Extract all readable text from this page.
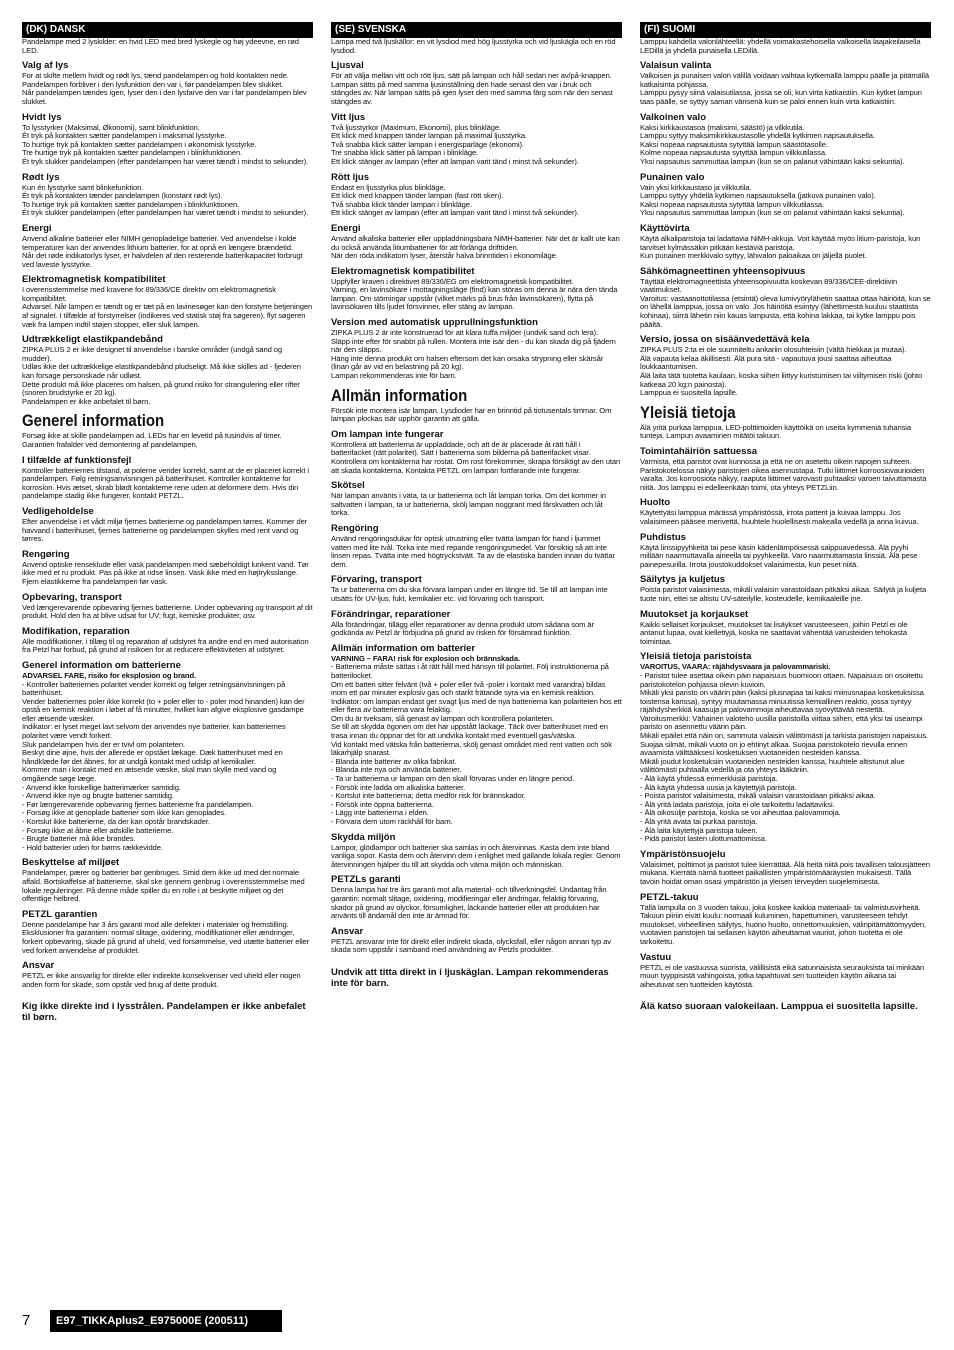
(DK) DANSK
Pandelampe med 2 lyskilder: en hvid LED med bred lyskegle og høj ydeevne, en rød LED.
Valg af lys
For at skifte mellem hvidt og rødt lys, tænd pandelampen og hold kontakten nede. Pandelampen forbliver i den lysfunktion den var i, før pandelampen blev slukket.
Når pandelampen tændes igen, lyser den i den lysfarve den var i før pandelampen blev slukket.
Hvidt lys
To lysstyrker (Maksimal, Økonomi), samt blinkfunktion.
Ét tryk på kontakten sætter pandelampen i maksimal lysstyrke.
To hurtige tryk på kontakten sætter pandelampen i økonomisk lysstyrke.
Tre hurtige tryk på kontakten sætter pandelampen i blinkfunktionen.
Ét tryk slukker pandelampen (efter pandelampen har været tændt i mindst to sekunder).
Rødt lys
Kun én lysstyrke samt blinkefunktion.
Ét tryk på kontakten tænder pandelampen (konstant rødt lys).
To hurtige tryk på kontakten sætter pandelampen i blinkfunktionen.
Ét tryk slukker pandelampen (efter pandelampen har været tændt i mindst to sekunder).
Energi
Anvend alkaline batterier eller NIMH genopladelige batterier. Ved anvendelse i kolde temperaturer kan der anvendes lithium batterier, for at opnå en længere brændetid.
Når det røde indikatorlys lyser, er halvdelen af den resterende batterikapacitet forbrugt ved laveste lysstyrke.
Elektromagnetisk kompatibilitet
I overensstemmelse med kravene for 89/336/CE direktiv om elektromagnetisk kompatibilitet.
Advarsel. Når lampen er tændt og er tæt på en lavinesøger kan den forstyrre betjeningen af signalet. I tilfælde af forstyrrelser (indikeres ved statisk støj fra søgeren), flyt søgeren væk fra lampen indtil støjen stopper, eller sluk lampen.
Udtrækkeligt elastikpandebånd
ZIPKA PLUS 2 er ikke designet til anvendelse i barske områder (undgå sand og mudder).
Udløs ikke det udtrækkelige elastikpandebånd pludseligt. Må ikke skilles ad - fjederen kan forsage personskade når udløst.
Dette produkt må ikke placeres om halsen, på grund risiko for strangulering eller rifter (snoren brudstyrke er 20 kg).
Pandelampen er ikke anbefalet til børn.
Generel information
Forsøg ikke at skille pandelampen ad. LEDs har en levetid på tusindvis af timer. Garantien frafalder ved demontering af pandelampen.
I tilfælde af funktionsfejl
Kontroller batteriernes tilstand, at polerne vender korrekt, samt at de er placeret korrekt i pandelampen. Følg retningsanvisningen på batterihuset. Kontroller kontakterne for korrosion. Hvis ætset, skrab blødt kontakterne rene uden at deformere dem. Hvis din pandelampe stadig ikke fungerer, kontakt PETZL.
Vedligeholdelse
Efter anvendelse i et vådt miljø fjernes batterierne og pandelampen tørres. Kommer der havvand i batterihuset, fjernes batterierne og pandelampen skylles med rent vand og tørres.
Rengøring
Anvend optiske renseklude eller vask pandelampen med sæbeholdigt lunkent vand. Tør ikke med et ru produkt. Pas på ikke at ridse linsen. Vask ikke med en højtryksslange. Fjern elastikkerne fra pandelampen før vask.
Opbevaring, transport
Ved længerevarende opbevaring fjernes batterierne. Under opbevaring og transport af dit produkt. Hold den fra at blive udsat for UV; fugt, kemiske produkter, osv.
Modifikation, reparation
Alle modifikationer, i tillæg til og reparation af udstyret fra andre end en med autorisation fra Petzl har forbud, på grund af risikoen for at reducere effektiviteten af udstyret.
Generel information om batterierne
ADVARSEL FARE, risiko for eksplosion og brand.
- Kontroller batteriernes polaritet vender korrekt og følger retningsanvisningen på batterihuset.
Vender batteriernes poler ikke korrekt (to + poler eller to - poler mod hinanden) kan der opstå en kemisk reaktion i løbet af få minutter, hvilket kan afgive eksplosive gasdampe eller ætsende væsker.
Indikator: er lyset meget lavt selvom der anvendes nye batterier, kan batteriernes polaritet være vendt forkert.
Sluk pandelampen hvis der er tvivl om polariteten.
Beskyt dine øjne, hvis der allerede er opstået lækage. Dæk batterihuset med en håndklæde før det åbnes, for at undgå kontakt med udslip af kemikalier.
Kommer man i kontakt med en ætsende væske, skal man skylle med vand og omgående søge læge.
- Anvend ikke forskellige batterimærker samtidig.
- Anvend ikke nye og brugte batterier samtidig.
- Før længerevarende opbevaring fjernes batterierne fra pandelampen.
- Forsøg ikke at genoplade batterier som ikke kan genoplades.
- Kortslut ikke batterierne, da der kan opstår brandskader.
- Forsøg ikke at åbne eller adskille batterierne.
- Brugte batterier må ikke brandes.
- Hold batterier uden for børns rækkevidde.
Beskyttelse af miljøet
Pandelamper, pærer og batterier bør genbruges. Smid dem ikke ud med det normale affald. Bortskaffelse af batterierne, skal ske gennem genbrug i overensstemmelse med lokale reguleringer. På denne måde spiller du en rolle i at beskytte miljøet og det offentlige helbred.
PETZL garantien
Denne pandelampe har 3 års garanti mod alle defekter i materialer og fremstilling. Eksklusioner fra garantien: normal slitage, oxidering, modifikationer eller ændringer, forkert opbevaring, skade på grund af uheld, ved forsømmelse, ved utætte batterier eller ved forkert anvendelse af produktet.
Ansvar
PETZL er ikke ansvarlig for direkte eller indirekte konsekvenser ved uheld eller nogen anden form for skade, som opstår ved brug af dette produkt.
Kig ikke direkte ind i lysstrålen. Pandelampen er ikke anbefalet til børn.
(SE) SVENSKA
Lampa med två ljuskällor: en vit lysdiod med hög ljusstyrka och vid ljuskägla och en röd lysdiod.
Ljusval
För att välja mellan vitt och rött ljus, sätt på lampan och håll sedan ner av/på-knappen.
Lampan sätts på med samma ljusinställning den hade senast den var i bruk och stängdes av. När lampan sätts på igen lyser den med samma färg som när den senast stängdes av.
Vitt ljus
Två ljusstyrkor (Maximum, Ekonomi), plus blinkläge.
Ett klick med knappen tänder lampan på maximal ljusstyrka.
Två snabba klick sätter lampan i energisparläge (ekonomi).
Tre snabba klick sätter på lampan i blinkläge.
Ett klick stänger av lampan (efter att lampan varit tänd i minst två sekunder).
Rött ljus
Endast en ljusstyrka plus blinkläge.
Ett klick med knappen tänder lampan (fast rött sken).
Två snabba klick tänder lampan i blinkläge.
Ett klick stänger av lampan (efter att lampan varit tänd i minst två sekunder).
Energi
Använd alkaliska batterier eller uppladdningsbara NiMH-batterier. När det är kallt ute kan du också använda litiumbatterier för att förlänga drifttiden.
När den röda indikatorn lyser, återstår halva brinntiden i ekonomiläge.
Elektromagnetisk kompatibilitet
Uppfyller kraven i direktivet 89/336/EG om elektromagnetisk kompatibilitet.
Varning, en lavinsökare i mottagningsläge (find) kan störas om denna är nära den tända lampan. Om störningar uppstår (vilket märks på brus från lavinsökaren), flytta på lavinsökaren tills ljudet försvinner, eller stäng av lampan.
Version med automatisk upprullningsfunktion
ZIPKA PLUS 2 är inte konstruerad för att klara tuffa miljöer (undvik sand och lera).
Släpp inte efter för snabbt på rullen. Montera inte isär den - du kan skada dig på fjädern när den släpps.
Häng inte denna produkt om halsen eftersom det kan orsaka strypning eller skärsår (linan går av vid en belastning på 20 kg).
Lampan rekommenderas inte för barn.
Allmän information
Försök inte montera isär lampan. Lysdioder har en brinntid på tiotusentals timmar. Om lampan plockas isär upphör garantin att gälla.
Om lampan inte fungerar
Kontrollera att batterierna är uppladdade, och att de är placerade åt rätt håll i batterifacket (rätt polaritet). Sätt i batterierna som bilderna på batterifacket visar. Kontrollera om kontakterna har rostat. Om rost förekommer, skrapa försiktigt av den utan att skada kontakterna. Kontakta PETZL om lampan fortfarande inte fungerar.
Skötsel
När lampan använts i väta, ta ur batterierna och låt lampan torka. Om det kommer in saltvatten i lampan, ta ur batterierna, skölj lampan noggrant med färskvatten och låt torka.
Rengöring
Använd rengöringsdukar för optisk utrustning eller tvätta lampan för hand i ljummet vatten med lite tvål. Torka inte med repande rengöringsmedel. Var försiktig så att inte linsen repas. Tvätta inte med högtryckstvätt. Ta av de elastiska banden innan du tvättar dem.
Förvaring, transport
Ta ur batterierna om du ska förvara lampan under en längre tid. Se till att lampan inte utsätts för UV-ljus, fukt, kemikalier etc. vid förvaring och transport.
Förändringar, reparationer
Alla förändringar, tillägg eller reparationer av denna produkt utom sådana som är godkända av Petzl är förbjudna på grund av risken för försämrad funktion.
Allmän information om batterier
VARNING – FARA! risk för explosion och brännskada.
- Batterierna måste sättas i åt rätt håll med hänsyn till polaritet. Följ instruktionerna på batterilocket.
Om ett batteri sitter felvänt (två + poler eller två -poler i kontakt med varandra) bildas inom ett par minuter explosiv gas och starkt frätande syra via en kemisk reaktion.
Indikator: om lampan endast ger svagt ljus med de nya batterierna kan polariteten hos ett eller flera av batterierna vara felaktig.
Om du är tveksam, slå genast av lampan och kontrollera polariteten.
Se till att skydda ögonen om det har uppstått läckage. Täck över batterihuset med en trasa innan du öppnar det för att undvika kontakt med eventuell gas/vätska.
Vid kontakt med vätska från batterierna, skölj genast området med rent vatten och sök läkarhjälp snarast.
- Blanda inte batterier av olika fabrikat.
- Blanda inte nya och använda batterier.
- Ta ur batterierna ur lampan om den skall förvaras under en längre period.
- Försök inte ladda om alkaliska batterier.
- Kortslut inte batterierna; detta medför risk för brännskador.
- Försök inte öppna batterierna.
- Lägg inte batterierna i elden.
- Förvara dem utom räckhåll för barn.
Skydda miljön
Lampor, glödlampor och batterier ska samlas in och återvinnas. Kasta dem inte bland vanliga sopor. Kasta dem och återvinn dem i enlighet med gällande lokala regler. Genom återvinningen hjälper du till att skydda och värna miljön och människan.
PETZLs garanti
Denna lampa har tre års garanti mot alla material- och tillverkningsfel. Undantag från garantin: normalt slitage, oxidering, modifieringar eller ändringar, felaktig förvaring, skador på grund av olyckor, försumlighet, läckande batterier eller att produkten har använts till ändamål den inte är ämnad för.
Ansvar
PETZL ansvarar inte för direkt eller indirekt skada, olycksfall, eller någon annan typ av skada som uppstår i samband med användning av Petzls produkter.
Undvik att titta direkt in i ljuskäglan. Lampan rekommenderas inte för barn.
(FI) SUOMI
Lamppu kahdella valonlähteellä: yhdellä voimakastehoisella valkoisella laajakeilaisella LEDillä ja yhdellä punaisella LEDillä.
Valaisun valinta
Valkoisen ja punaisen valon välillä voidaan vaihtaa kytkemällä lamppu päälle ja pitämällä katkaisinta pohjassa.
Lamppu pysyy siinä valaisutilassa, jossa se oli, kun virta katkaistiin. Kun kytket lampun taas päälle, se syttyy saman värisenä kuin se paloi ennen kuin virta katkaistiin.
Valkoinen valo
Kaksi kirkkaustasoa (maksimi, säästö) ja vilkkutila.
Lamppu syttyy maksimikirkkaustasolle yhdellä kytkimen napsautuksella.
Kaksi nopeaa napsautusta sytyttää lampun säästötasolle.
Kolme nopeaa napsautusta sytyttää lampun vilkkutilassa.
Yksi napsautus sammuttaa lampun (kun se on palanut vähintään kaksi sekuntia).
Punainen valo
Vain yksi kirkkaustaso ja vilkkutila.
Lamppu syttyy yhdellä kytkimen napsautuksella (jatkuva punainen valo).
Kaksi nopeaa napsautusta sytyttää lampun vilkkutilassa.
Yksi napsautus sammuttaa lampun (kun se on palanut vähintään kaksi sekuntia).
Käyttövirta
Käytä alkaliparistoja tai ladattavia NiMH-akkuja. Voit käyttää myös litium-paristoja, kun tarvitset kylmässäkin pitkään kestäviä paristoja.
Kun punainen merkkivalo syttyy, lähivalon paloaikaa on jäljellä puolet.
Sähkömagneettinen yhteensopivuus
Täyttää elektromagneettista yhteensopivuutta koskevan 89/336/CEE-direktiivin vaatimukset.
Varoitus: vastaanottotilassa (etsintä) oleva lumivyörylähetin saattaa ottaa häiriöitä, kun se on lähellä lamppua, jossa on valo. Jos häiriöitä esiintyy (lähettimestä kuuluu staattista kohinaa), siirrä lähetin niin kauas lampusta, että kohina lakkaa, tai kytke lamppu pois päältä.
Versio, jossa on sisäänvedettävä kela
ZIPKA PLUS 2:ta ei ole suunniteltu ankariin olosuhteisiin (vältä hiekkaa ja mutaa).
Älä vapauta kelaa äkillisesti. Älä pura sitä - vapautuva jousi saattaa aiheuttaa loukkaantumisen.
Älä laita tätä tuotetta kaulaan, koska siihen liittyy kuristumisen tai viiltymisen riski (johto katkeaa 20 kg:n painosta).
Lamppua ei suositella lapsille.
Yleisiä tietoja
Älä yritä purkaa lamppua. LED-polttimoiden käyttöikä on useita kymmeniä tuhansia tunteja. Lampun avaaminen mitätöi takuun.
Toimintahäiriön sattuessa
Varmista, että paristot ovat kunnossa ja että ne on asetettu oikein napojen suhteen. Paristokotelossa näkyy paristojen oikea asennustapa. Tutki liittimet korroosiovaurioiden varalta. Jos korroosiota näkyy, raaputa liittimet varovasti puhtaaksi varoen taivuttamasta niitä. Jos lamppu ei edelleenkään toimi, ota yhteys PETZLiin.
Huolto
Käytettyäsi lamppua märässä ympäristössä, irrota patterit ja kuivaa lamppu. Jos valaisimeen pääsee merivettä, huuhtele huolellisesti makealla vedellä ja anna kuivua.
Puhdistus
Käytä linssipyyhkeitä tai pese käsin kädenlämpöisessä saippuavedessä. Älä pyyhi millään naarmuttavalla aineella tai pyyhkeellä. Varo naarmuttamasta linssiä. Älä pese painepesurilla. Irrota joustokuddokset valaisimesta, kun peset niitä.
Säilytys ja kuljetus
Poista paristot valaisimesta, mikäli valaisin varastoidaan pitkäksi aikaa. Säilytä ja kuljeta tuote niin, ettei se altistu UV-säteilylle, kosteudelle, kemikaaleille jne.
Muutokset ja korjaukset
Kaikki sellaiset korjaukset, muutokset tai lisäykset varusteeseen, joihin Petzl ei ole antanut lupaa, ovat kiellettyjä, koska ne saattavat vähentää varusteiden tehokasta toimintaa.
Yleisiä tietoja paristoista
VAROITUS, VAARA: räjähdysvaara ja palovammariski.
- Paristot tulee asettaa oikein päin napaisuus huomioon ottaen. Napaisuus on osoitettu paristokotelon pohjassa olevin kuvioin.
Mikäli yksi paristo on väärin päin (kaksi plusnapaa tai kaksi miinusnapaa kosketuksissa toistensa kanssa), syntyy muutamassa minuutissa kemiallinen reaktio, jossa syntyy räjähdysherkkiä kaasuja ja palovammoja aiheuttavaa syövyttävää nestettä.
Varoitusmerkki: Vähainen valoteho uusilla paristoilla viittaa siihen, että yksi tai useampi paristo on asennettu väärin päin.
Mikäli epäilet että näin on, sammuta valaisin välittömästi ja tarkista paristojen napaisuus.
Suojaa silmät, mikäli vuoto on jo ehtinyt alkaa. Suojaa paristokotelo rievulla ennen avaamista välttääksesi kosketuksen vuotaneiden nesteiden kanssa.
Mikäli joudut kosketuksiin vuotaneiden nesteiden kanssa, huuhtele altistunut alue välittömästi puhtaalla vedellä ja ota yhteys lääkäriin.
- Älä käytä yhdessä erimerkkisiä paristoja.
- Älä käytä yhdessä uusia ja käytettyjä paristoja.
- Poista paristot valaisimesta, mikäli valaisin varastoidaan pitkäksi aikaa.
- Älä yritä ladata paristoja, joita ei ole tarkoitettu ladattaviksi.
- Älä oikosulje paristoja, koska se voi aiheuttaa palovammoja.
- Älä yritä avata tai purkaa paristoja.
- Älä laita käytettyjä paristoja tuleen.
- Pidä paristot lasten ulottumattomissa.
Ympäristönsuojelu
Valaisimet, polttimot ja paristot tulee kierrättää. Älä heitä niitä pois tavallisen talousjätteen mukana. Kierrätä nämä tuotteet paikallisten ympäristömääräysten mukaisesti. Tällä tavoin hoidat oman osasi ympäristön ja yleisen terveyden suojelemisesta.
PETZL-takuu
Tällä lampulla on 3 vuoden takuu, joka koskee kaikkia materiaali- tai valmistusvirheitä. Takuun piiriin eivät kuulu: normaali kuluminen, hapettuminen, varusteeseen tehdyt muutokset, virheellinen säilytys, huono huolto, onnettomuuksien, välinpitämättömyyden, vuotavien paristojen tai sellaisen käytön aiheuttamat vauriot, johon tuotetta ei ole tarkoitettu.
Vastuu
PETZL ei ole vastuussa suorista, välillisistä eikä satunnaisista seurauksista tai minkään muun tyyppisistä vahingoista, jotka tapahtuvat sen tuotteiden käytön aikana tai aiheutuvat sen tuotteiden käytöstä.
Älä katso suoraan valokeilaan. Lamppua ei suositella lapsille.
7	E97_TIKKAplus2_E975000E (200511)
